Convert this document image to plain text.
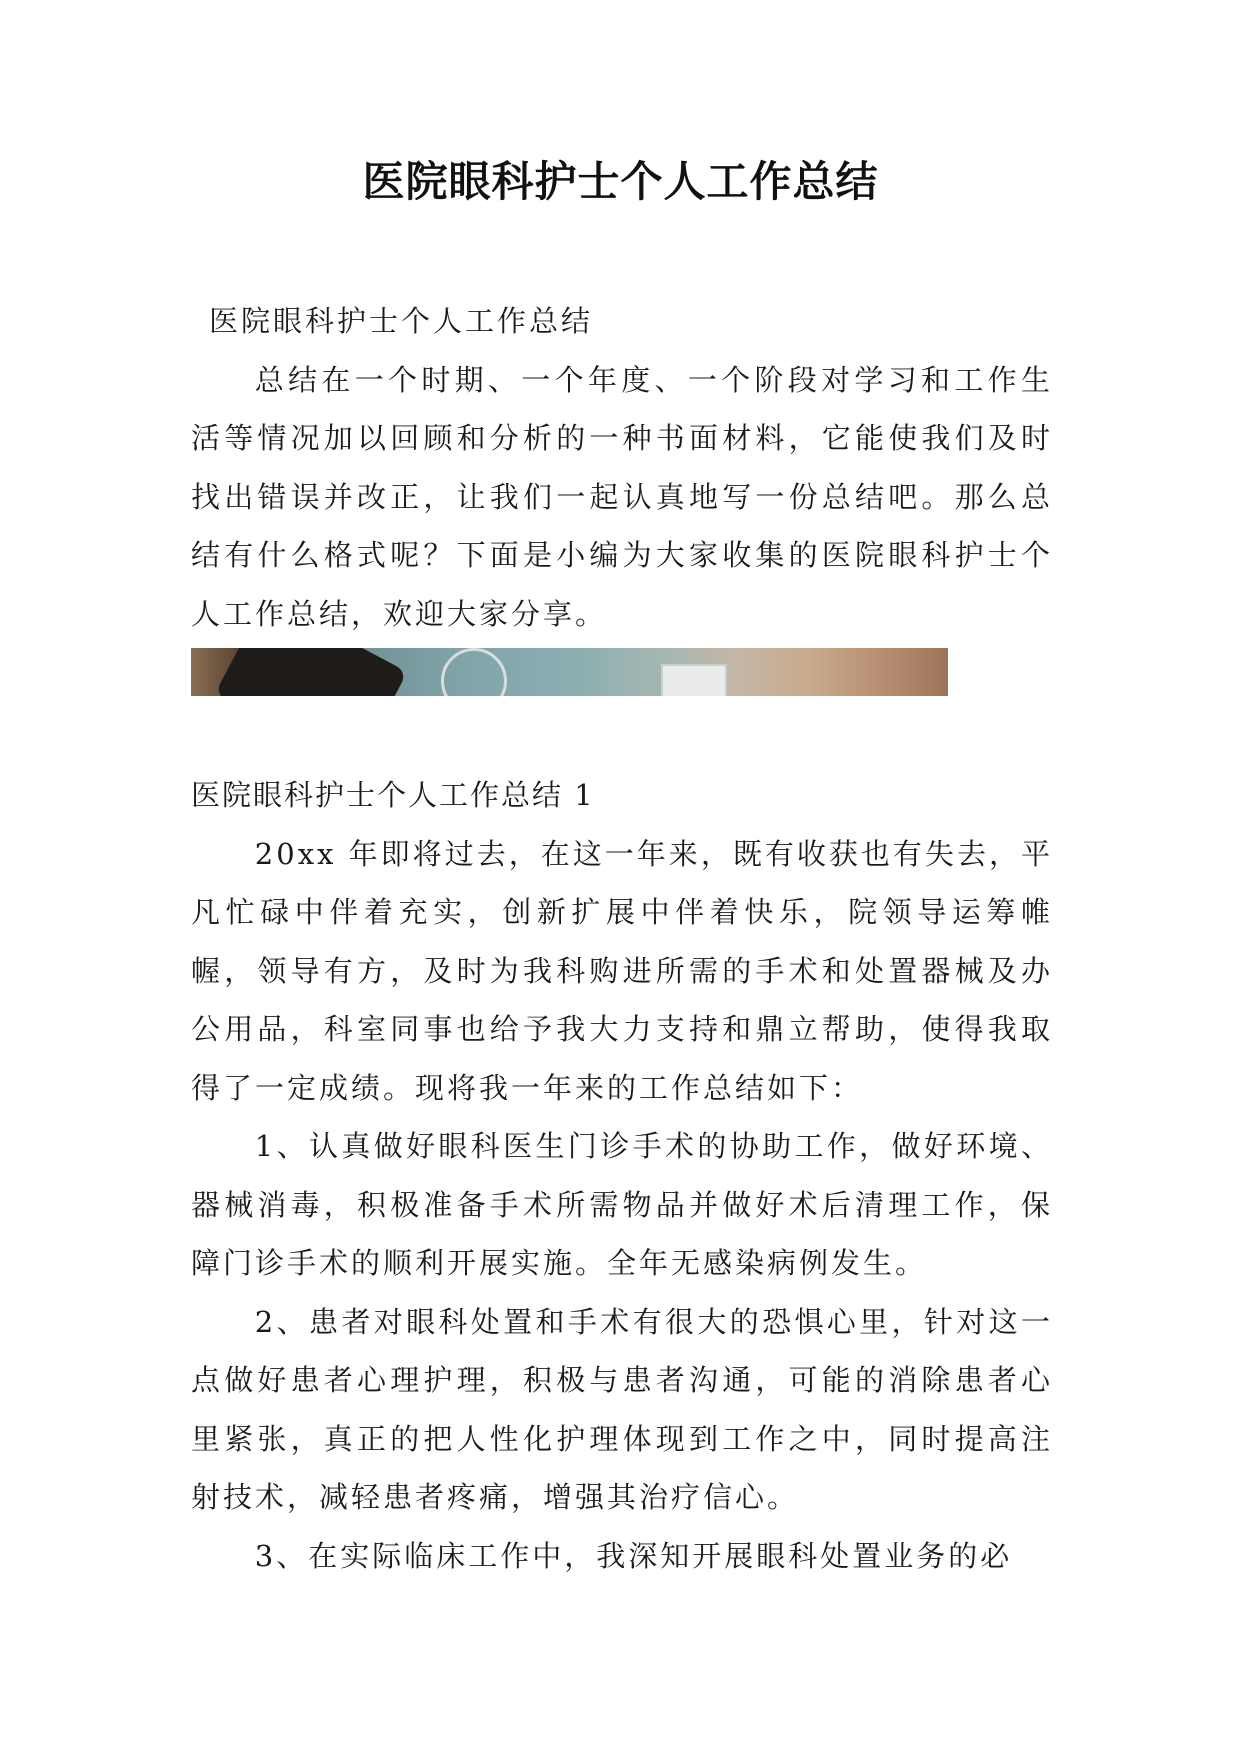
医院眼科护士个人工作总结

医院眼科护士个人工作总结

总结在一个时期、一个年度、一个阶段对学习和工作生活等情况加以回顾和分析的一种书面材料，它能使我们及时找出错误并改正，让我们一起认真地写一份总结吧。那么总结有什么格式呢？下面是小编为大家收集的医院眼科护士个人工作总结，欢迎大家分享。

医院眼科护士个人工作总结 1

20xx 年即将过去，在这一年来，既有收获也有失去，平凡忙碌中伴着充实，创新扩展中伴着快乐，院领导运筹帷幄，领导有方，及时为我科购进所需的手术和处置器械及办公用品，科室同事也给予我大力支持和鼎立帮助，使得我取得了一定成绩。现将我一年来的工作总结如下：

1、认真做好眼科医生门诊手术的协助工作，做好环境、器械消毒，积极准备手术所需物品并做好术后清理工作，保障门诊手术的顺利开展实施。全年无感染病例发生。

2、患者对眼科处置和手术有很大的恐惧心里，针对这一点做好患者心理护理，积极与患者沟通，可能的消除患者心里紧张，真正的把人性化护理体现到工作之中，同时提高注射技术，减轻患者疼痛，增强其治疗信心。

3、在实际临床工作中，我深知开展眼科处置业务的必
